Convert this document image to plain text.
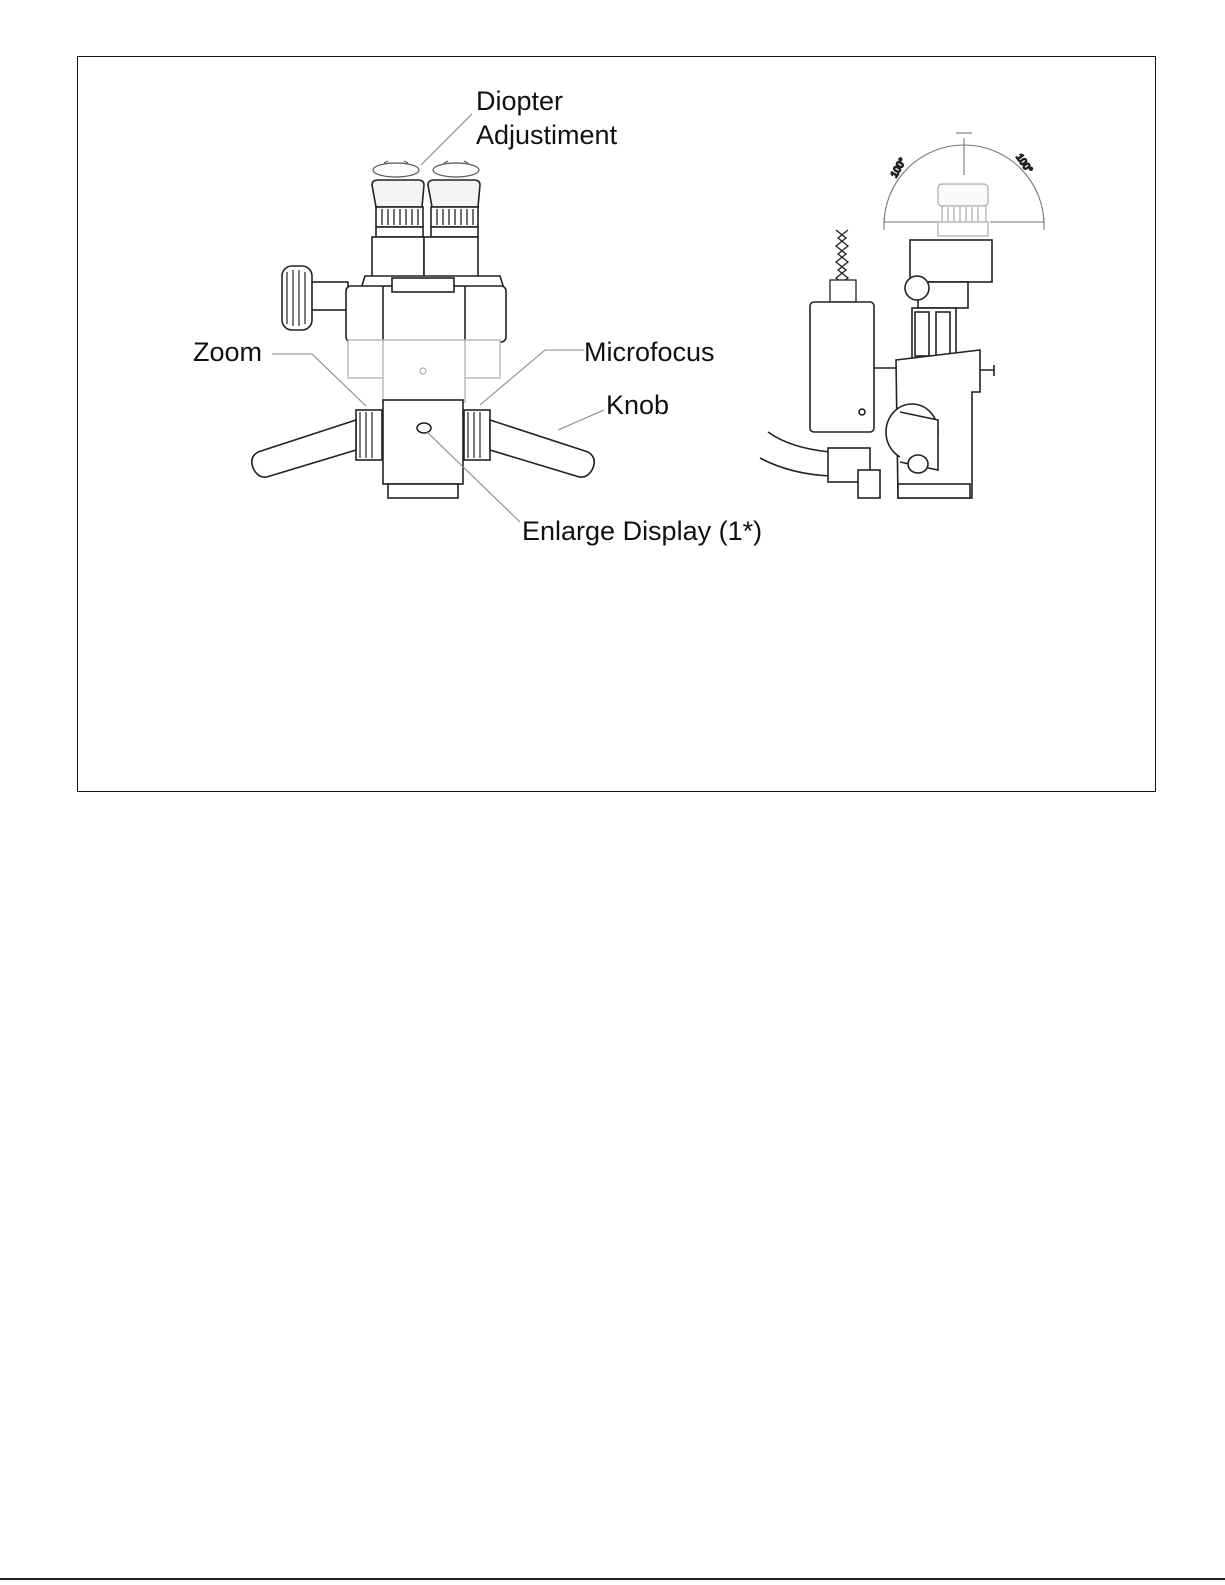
100°	100°
Diopter
Adjustiment
Zoom	Microfocus
Knob
Enlarge Display (1*)
